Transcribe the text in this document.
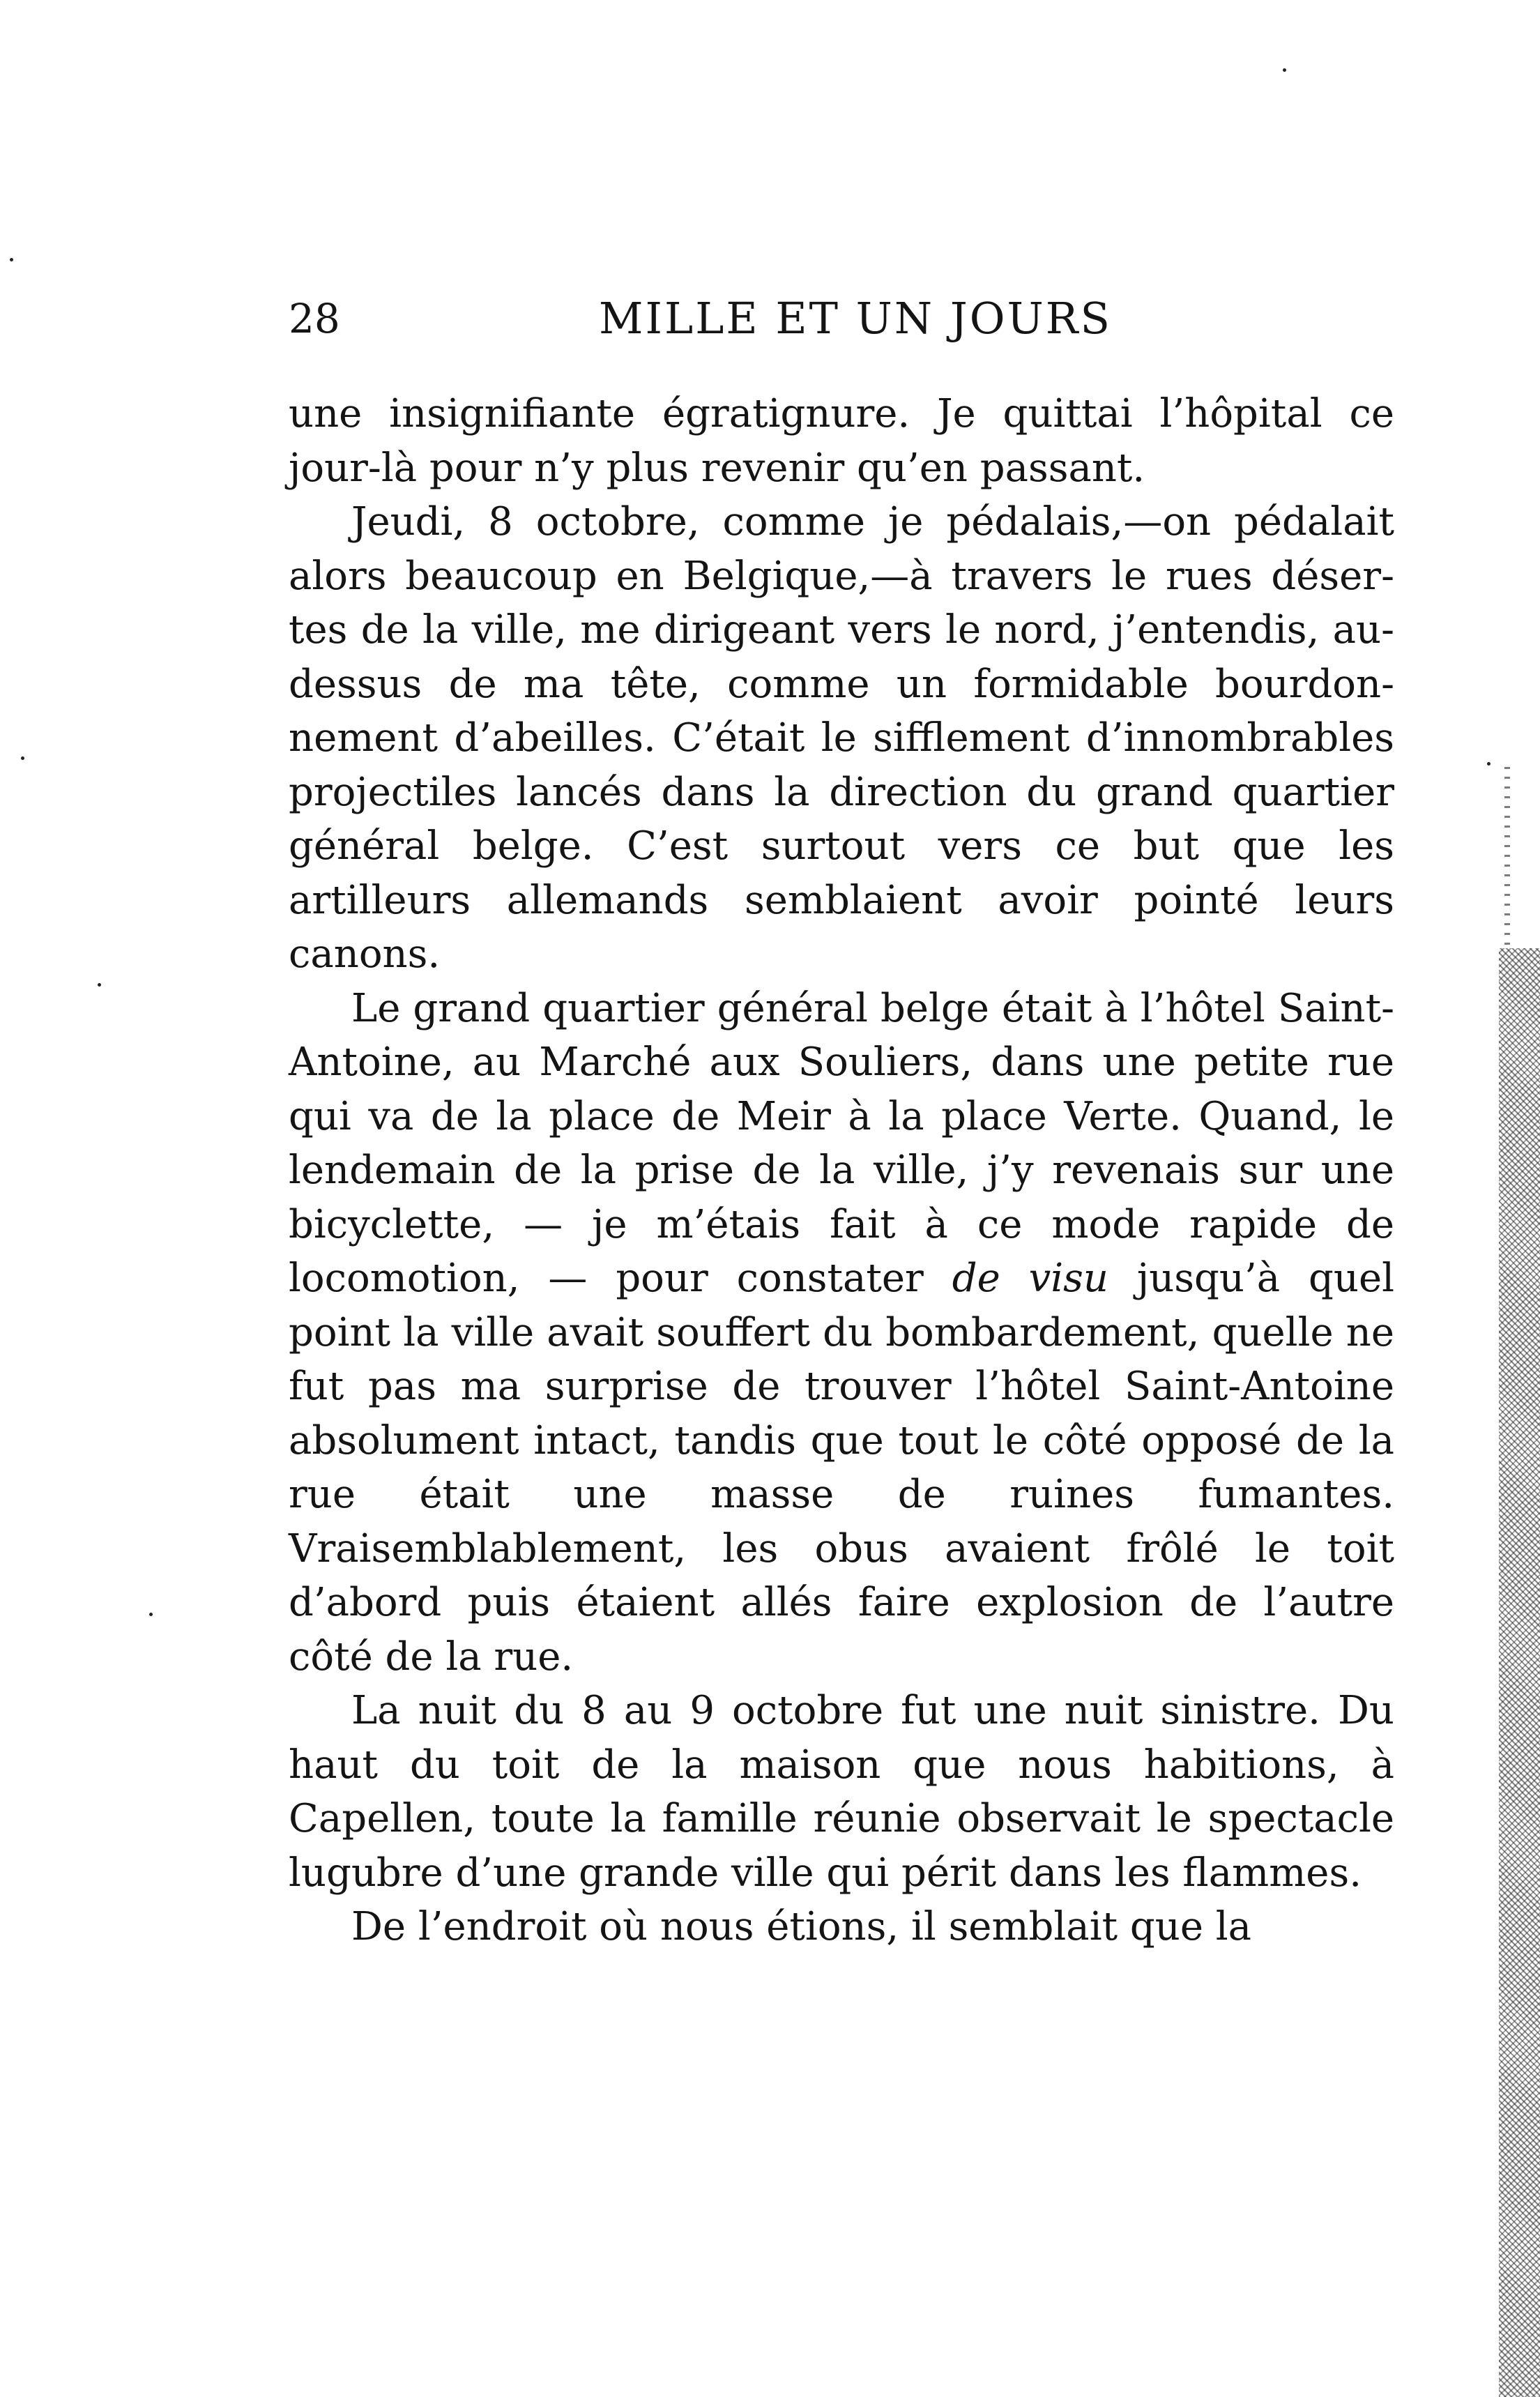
28	MILLE ET UN JOURS

une insignifiante égratignure. Je quittai l’hôpital ce jour-là pour n’y plus revenir qu’en passant.

Jeudi, 8 octobre, comme je pédalais,—on pédalait alors beaucoup en Belgique,—à travers le rues désertes de la ville, me dirigeant vers le nord, j’entendis, au-dessus de ma tête, comme un formidable bourdonnement d’abeilles. C’était le sifflement d’innombrables projectiles lancés dans la direction du grand quartier général belge. C’est surtout vers ce but que les artilleurs allemands semblaient avoir pointé leurs canons.

Le grand quartier général belge était à l’hôtel Saint-Antoine, au Marché aux Souliers, dans une petite rue qui va de la place de Meir à la place Verte. Quand, le lendemain de la prise de la ville, j’y revenais sur une bicyclette, — je m’étais fait à ce mode rapide de locomotion, — pour constater de visu jusqu’à quel point la ville avait souffert du bombardement, quelle ne fut pas ma surprise de trouver l’hôtel Saint-Antoine absolument intact, tandis que tout le côté opposé de la rue était une masse de ruines fumantes. Vraisemblablement, les obus avaient frôlé le toit d’abord puis étaient allés faire explosion de l’autre côté de la rue.

La nuit du 8 au 9 octobre fut une nuit sinistre. Du haut du toit de la maison que nous habitions, à Capellen, toute la famille réunie observait le spectacle lugubre d’une grande ville qui périt dans les flammes.

De l’endroit où nous étions, il semblait que la
